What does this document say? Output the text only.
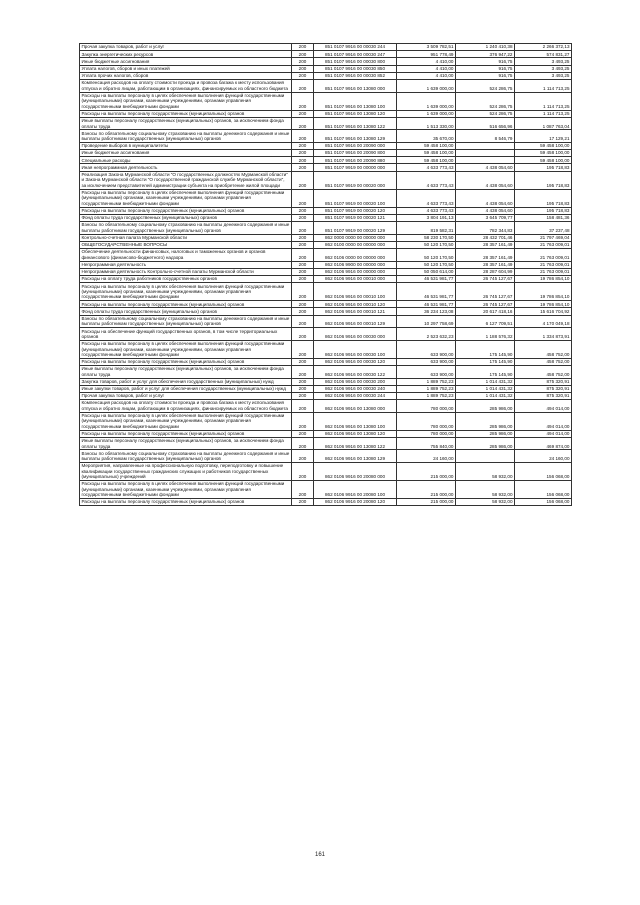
Прочая закупка товаров, работ и услуг	200	851 0107 9916 00 00030 244	3 509 782,51	1 240 410,38	2 266 372,13
Закупка энергетических ресурсов	200	851 0107 9916 00 00030 247	951 778,49	376 947,22	574 831,27
Иные бюджетные ассигнования	200	851 0107 9916 00 00030 800	4 410,00	916,75	3 493,25
Уплата налогов, сборов и иных платежей	200	851 0107 9916 00 00030 850	4 410,00	916,75	3 493,25
Уплата прочих налогов, сборов	200	851 0107 9916 00 00030 852	4 410,00	916,75	3 493,25
Компенсация расходов на оплату стоимости проезда и провоза багажа к месту использования отпуска и обратно лицам, работающим в организациях, финансируемых из областного бюджета	200	851 0107 9916 00 13080 000	1 639 000,00	524 286,75	1 114 713,25
Расходы на выплаты персоналу в целях обеспечения выполнения функций государственными (муниципальными) органами, казенными учреждениями, органами управления государственными внебюджетными фондами	200	851 0107 9916 00 13080 100	1 639 000,00	524 286,75	1 114 713,25
Расходы на выплаты персоналу государственных (муниципальных) органов	200	851 0107 9916 00 13080 120	1 639 000,00	524 286,75	1 114 713,25
Иные выплаты персоналу государственных (муниципальных) органов, за исключением фонда оплаты труда	200	851 0107 9916 00 13080 122	1 513 330,00	516 656,96	1 087 763,04
Взносы по обязательному социальному страхованию на выплаты денежного содержания и иные выплаты работникам государственных (муниципальных) органов	200	851 0107 9916 00 13080 129	35 670,00	8 546,79	17 129,21
Проведение выборов в муниципалитеты	200	851 0107 9916 00 20090 000	59 458 100,00		59 458 100,00
Иные бюджетные ассигнования	200	851 0107 9916 00 20090 800	59 458 100,00		59 458 100,00
Специальные расходы	200	851 0107 9916 00 20090 880	59 458 100,00		59 458 100,00
Иная непрограммная деятельность	200	851 0107 9919 00 00000 000	4 633 773,43	4 438 054,60	195 718,83
Реализация Закона Мурманской области "О государственных должностях Мурманской области" и Закона Мурманской области "О государственной гражданской службе Мурманской области", за исключением представителей администрации субъекта на приобретение жилой площади	200	851 0107 9919 00 00020 000	4 633 773,43	4 438 054,60	195 718,83
Расходы на выплаты персоналу в целях обеспечения выполнения функций государственными (муниципальными) органами, казенными учреждениями, органами управления государственными внебюджетными фондами	200	851 0107 9919 00 00020 100	4 633 773,43	4 438 054,60	195 718,83
Расходы на выплаты персоналу государственных (муниципальных) органов	200	851 0107 9919 00 00020 120	4 633 773,43	4 438 054,60	195 718,83
Фонд оплаты труда государственных (муниципальных) органов	200	851 0107 9919 00 00020 121	3 804 191,13	3 645 709,77	158 481,36
Взносы по обязательному социальному страхованию на выплаты денежного содержания и иные выплаты работникам государственных (муниципальных) органов	200	851 0107 9919 00 00020 129	819 582,31	782 344,83	37 237,48
Контрольно-счетная палата Мурманской области	200	862 0000 0000 00 00000 000	58 230 170,50	28 432 701,46	21 797 469,04
ОБЩЕГОСУДАРСТВЕННЫЕ ВОПРОСЫ	200	862 0100 0000 00 00000 000	50 120 170,50	28 357 161,49	21 763 009,01
Обеспечение деятельности финансовых, налоговых и таможенных органов и органов финансового (финансово-бюджетного) надзора	200	862 0106 0000 00 00000 000	50 120 170,50	28 357 161,49	21 763 009,01
Непрограммная деятельность	200	862 0106 9900 00 00000 000	50 120 170,50	28 357 161,49	21 763 009,01
Непрограммная деятельность Контрольно-счетной палаты Мурманской области	200	862 0106 9916 00 00000 000	50 050 614,00	28 287 604,99	21 763 009,01
Расходы на оплату труда работников государственных органов	200	862 0106 9916 00 00010 000	46 531 981,77	26 745 127,67	19 786 854,10
Расходы на выплаты персоналу в целях обеспечения выполнения функций государственными (муниципальными) органами, казенными учреждениями, органами управления государственными внебюджетными фондами	200	862 0106 9916 00 00010 100	46 531 981,77	26 745 127,67	19 786 854,10
Расходы на выплаты персоналу государственных (муниципальных) органов	200	862 0106 9916 00 00010 120	46 531 981,77	26 745 127,67	19 786 854,10
Фонд оплаты труда государственных (муниципальных) органов	200	862 0106 9916 00 00010 121	36 234 123,08	20 617 418,16	15 616 704,92
Взносы по обязательному социальному страхованию на выплаты денежного содержания и иные выплаты работникам государственных (муниципальных) органов	200	862 0106 9916 00 00010 129	10 297 758,69	6 127 709,51	4 170 049,18
Расходы на обеспечение функций государственных органов, в том числе территориальных органов	200	862 0106 9916 00 00030 000	2 523 632,23	1 188 576,32	1 334 873,91
Расходы на выплаты персоналу в целях обеспечения выполнения функций государственными (муниципальными) органами, казенными учреждениями, органами управления государственными внебюджетными фондами	200	862 0106 9916 00 00030 100	633 900,00	175 145,90	458 752,00
Расходы на выплаты персоналу государственных (муниципальных) органов	200	862 0106 9916 00 00030 120	633 900,00	175 145,90	458 752,00
Иные выплаты персоналу государственных (муниципальных) органов, за исключением фонда оплаты труда	200	862 0106 9916 00 00030 122	633 900,00	175 145,90	458 752,00
Закупка товаров, работ и услуг для обеспечения государственных (муниципальных) нужд	200	862 0106 9916 00 00030 200	1 889 752,23	1 014 431,32	875 320,91
Иные закупки товаров, работ и услуг для обеспечения государственных (муниципальных) нужд	200	862 0106 9916 00 00030 240	1 889 752,23	1 014 431,32	875 320,91
Прочая закупка товаров, работ и услуг	200	862 0106 9916 00 00030 244	1 889 752,23	1 014 431,32	875 320,91
Компенсация расходов на оплату стоимости проезда и провоза багажа к месту использования отпуска и обратно лицам, работающим в организациях, финансируемых из областного бюджета	200	862 0106 9916 00 13080 000	780 000,00	285 986,00	494 014,00
Расходы на выплаты персоналу в целях обеспечения выполнения функций государственными (муниципальными) органами, казенными учреждениями, органами управления государственными внебюджетными фондами	200	862 0106 9916 00 13080 100	780 000,00	285 986,00	494 014,00
Расходы на выплаты персоналу государственных (муниципальных) органов	200	862 0106 9916 00 13080 120	780 000,00	285 986,00	494 014,00
Иные выплаты персоналу государственных (муниципальных) органов, за исключением фонда оплаты труда	200	862 0106 9916 00 13080 122	755 840,00	285 986,00	469 874,00
Взносы по обязательному социальному страхованию на выплаты денежного содержания и иные выплаты работникам государственных (муниципальных) органов	200	862 0106 9916 00 13080 129	24 160,00		24 160,00
Мероприятия, направленные на профессиональную подготовку, переподготовку и повышение квалификации государственных гражданских служащих и работников государственных (муниципальных) учреждений	200	862 0106 9916 00 20080 000	215 000,00	58 932,00	156 068,00
Расходы на выплаты персоналу в целях обеспечения выполнения функций государственными (муниципальными) органами, казенными учреждениями, органами управления государственными внебюджетными фондами	200	862 0106 9916 00 20080 100	215 000,00	58 932,00	156 068,00
Расходы на выплаты персоналу государственных (муниципальных) органов	200	862 0106 9916 00 20080 120	215 000,00	58 932,00	156 068,00
161
